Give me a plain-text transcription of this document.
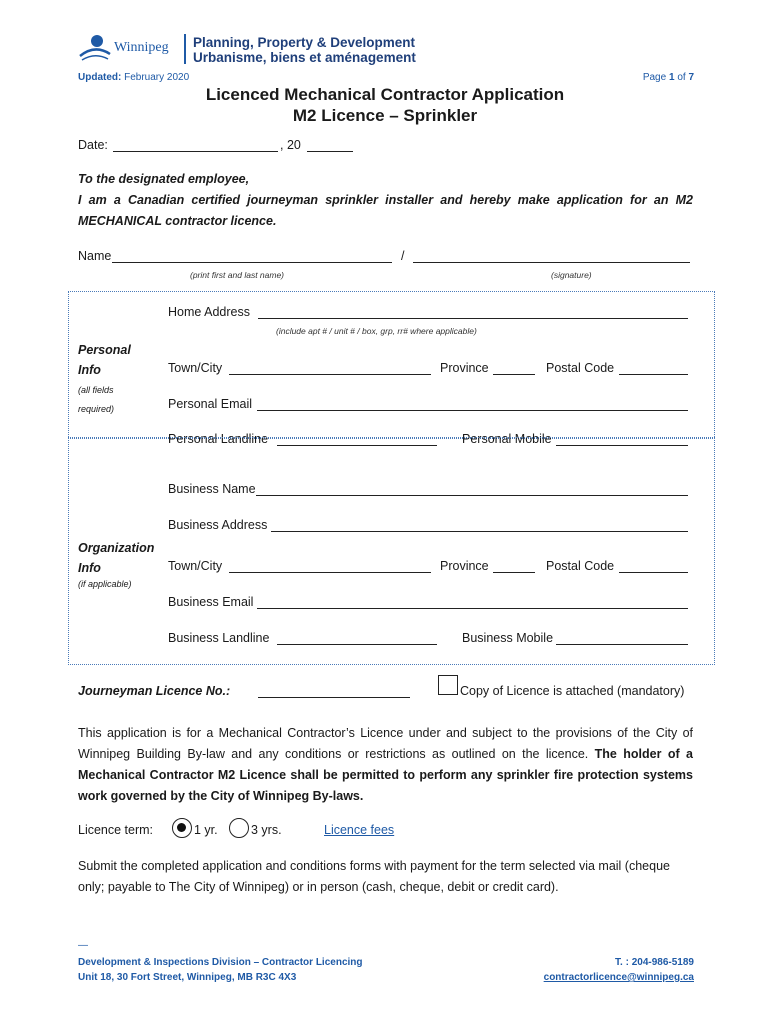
Winnipeg Planning, Property & Development
Urbanisme, biens et aménagement
Updated: February 2020	Page 1 of 7
Licenced Mechanical Contractor Application
M2 Licence – Sprinkler
Date:	, 20
To the designated employee,
I am a Canadian certified journeyman sprinkler installer and hereby make application for an M2 MECHANICAL contractor licence.
Name	/
(print first and last name)	(signature)
Personal
Info
(all fields
required)
Home Address
(include apt # / unit # / box, grp, rr# where applicable)
Town/City	Province	Postal Code
Personal Email
Personal Landline	Personal Mobile
Organization
Info
(if applicable)
Business Name
Business Address
Town/City	Province	Postal Code
Business Email
Business Landline	Business Mobile
Journeyman Licence No.:	Copy of Licence is attached (mandatory)
This application is for a Mechanical Contractor’s Licence under and subject to the provisions of the City of Winnipeg Building By-law and any conditions or restrictions as outlined on the licence. The holder of a Mechanical Contractor M2 Licence shall be permitted to perform any sprinkler fire protection systems work governed by the City of Winnipeg By-laws.
Licence term:	1 yr.	3 yrs.	Licence fees
Submit the completed application and conditions forms with payment for the term selected via mail (cheque only; payable to The City of Winnipeg) or in person (cash, cheque, debit or credit card).
—
Development & Inspections Division – Contractor Licencing
Unit 18, 30 Fort Street, Winnipeg, MB R3C 4X3
T. : 204-986-5189
contractorlicence@winnipeg.ca
